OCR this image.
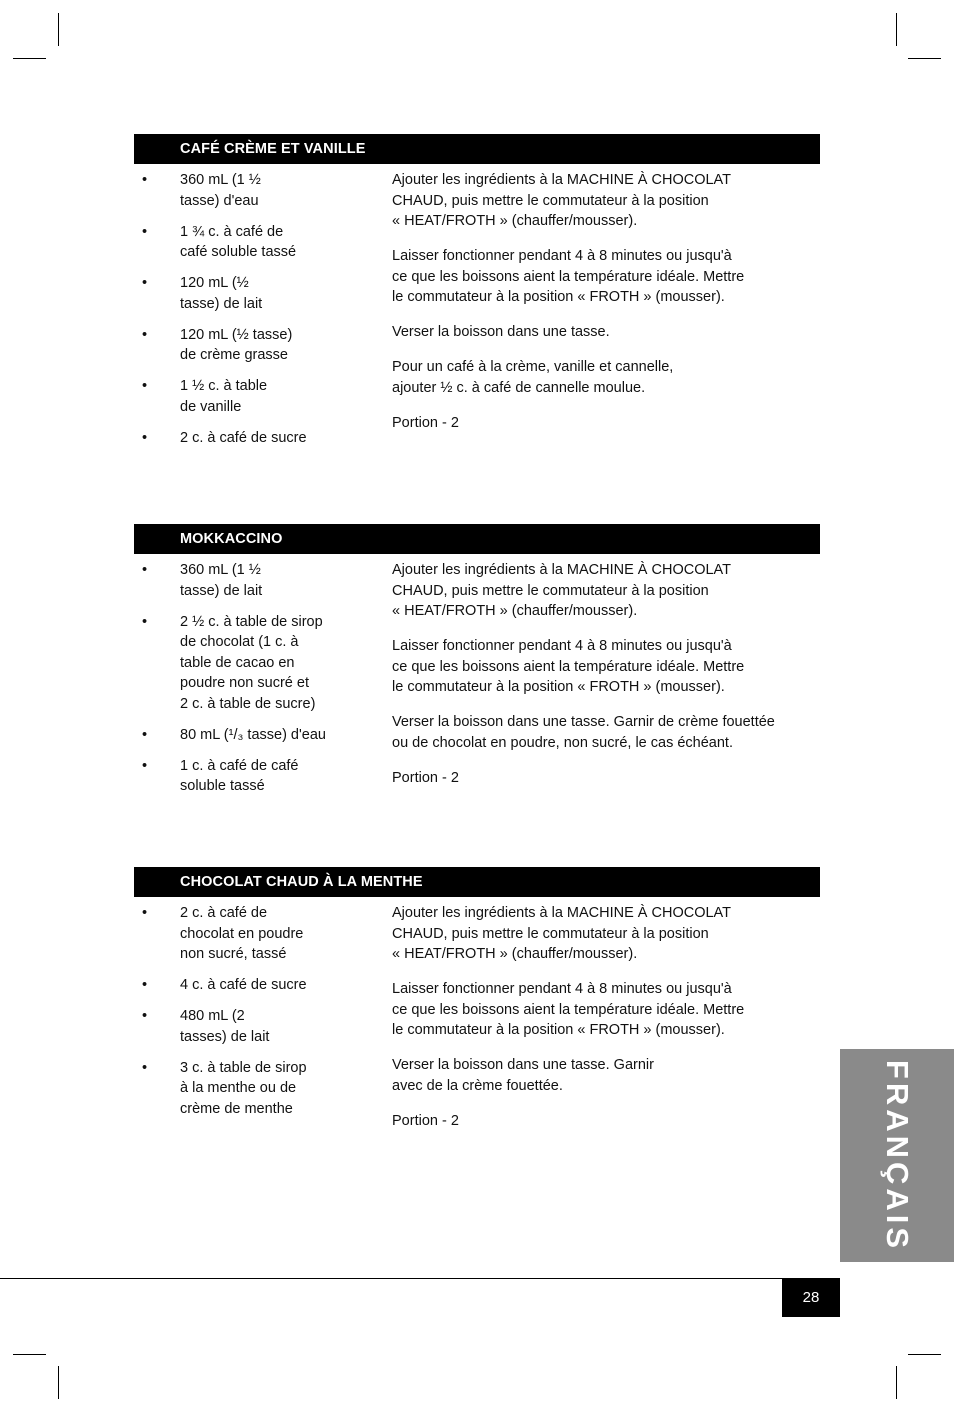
CAFÉ CRÈME ET VANILLE
• 360 mL (1 ½
tasse) d'eau
• 1 ¾ c. à café de
café soluble tassé
• 120 mL (½
tasse) de lait
• 120 mL (½ tasse)
de crème grasse
• 1 ½ c. à table
de vanille
• 2 c. à café de sucre

Ajouter les ingrédients à la MACHINE À CHOCOLAT
CHAUD, puis mettre le commutateur à la position
« HEAT/FROTH » (chauffer/mousser).

Laisser fonctionner pendant 4 à 8 minutes ou jusqu'à
ce que les boissons aient la température idéale. Mettre
le commutateur à la position « FROTH » (mousser).

Verser la boisson dans une tasse.

Pour un café à la crème, vanille et cannelle,
ajouter ½ c. à café de cannelle moulue.

Portion - 2

MOKKACCINO
• 360 mL (1 ½
tasse) de lait
• 2 ½ c. à table de sirop
de chocolat (1 c. à
table de cacao en
poudre non sucré et
2 c. à table de sucre)
• 80 mL (¹/₃ tasse) d'eau
• 1 c. à café de café
soluble tassé

Ajouter les ingrédients à la MACHINE À CHOCOLAT
CHAUD, puis mettre le commutateur à la position
« HEAT/FROTH » (chauffer/mousser).

Laisser fonctionner pendant 4 à 8 minutes ou jusqu'à
ce que les boissons aient la température idéale. Mettre
le commutateur à la position « FROTH » (mousser).

Verser la boisson dans une tasse. Garnir de crème fouettée
ou de chocolat en poudre, non sucré, le cas échéant.

Portion - 2

CHOCOLAT CHAUD À LA MENTHE
• 2 c. à café de
chocolat en poudre
non sucré, tassé
• 4 c. à café de sucre
• 480 mL (2
tasses) de lait
• 3 c. à table de sirop
à la menthe ou de
crème de menthe

Ajouter les ingrédients à la MACHINE À CHOCOLAT
CHAUD, puis mettre le commutateur à la position
« HEAT/FROTH » (chauffer/mousser).

Laisser fonctionner pendant 4 à 8 minutes ou jusqu'à
ce que les boissons aient la température idéale. Mettre
le commutateur à la position « FROTH » (mousser).

Verser la boisson dans une tasse. Garnir
avec de la crème fouettée.

Portion - 2	FRANÇAIS
28
